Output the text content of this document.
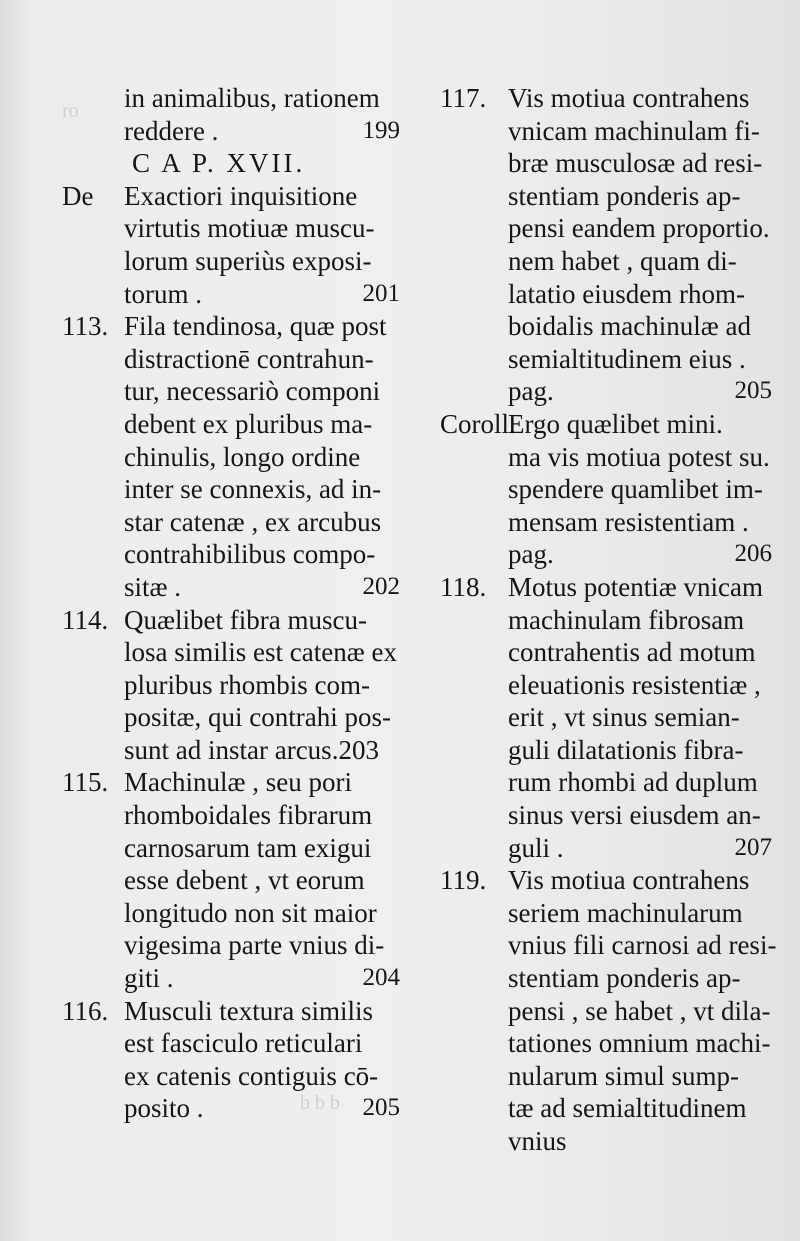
ro
b b b
in animalibus, rationem
reddere .	199
C A P. XVII.
De Exactiori inquisitione
virtutis motiuæ muscu-
lorum superiùs exposi-
torum .	201
113. Fila tendinosa, quæ post
distractionē contrahun-
tur, necessariò componi
debent ex pluribus ma-
chinulis, longo ordine
inter se connexis, ad in-
star catenæ , ex arcubus
contrahibilibus compo-
sitæ .	202
114. Quælibet fibra muscu-
losa similis est catenæ ex
pluribus rhombis com-
positæ, qui contrahi pos-
sunt ad instar arcus.203
115. Machinulæ , seu pori
rhomboidales fibrarum
carnosarum tam exigui
esse debent , vt eorum
longitudo non sit maior
vigesima parte vnius di-
giti .	204
116. Musculi textura similis
est fasciculo reticulari
ex catenis contiguis cō-
posito .	205
117. Vis motiua contrahens
vnicam machinulam fi-
bræ musculosæ ad resi-
stentiam ponderis ap-
pensi eandem proportio.
nem habet , quam di-
latatio eiusdem rhom-
boidalis machinulæ ad
semialtitudinem eius .
pag.	205
Coroll.
Ergo quælibet mini.
ma vis motiua potest su.
spendere quamlibet im-
mensam resistentiam .
pag.	206
118. Motus potentiæ vnicam
machinulam fibrosam
contrahentis ad motum
eleuationis resistentiæ ,
erit , vt sinus semian-
guli dilatationis fibra-
rum rhombi ad duplum
sinus versi eiusdem an-
guli .	207
119. Vis motiua contrahens
seriem machinularum
vnius fili carnosi ad resi-
stentiam ponderis ap-
pensi , se habet , vt dila-
tationes omnium machi-
nularum simul sump-
tæ ad semialtitudinem
vnius
